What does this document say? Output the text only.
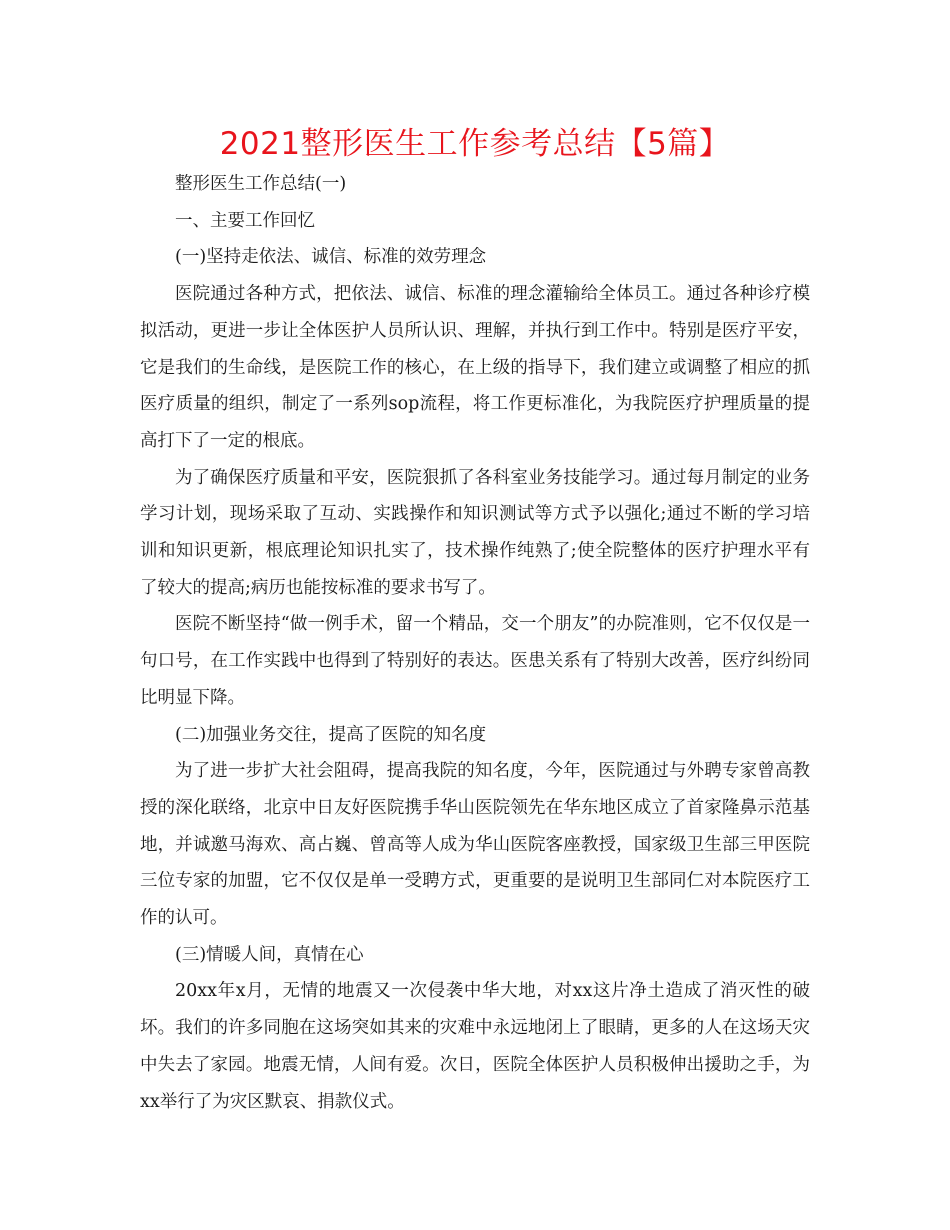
2021整形医生工作参考总结【5篇】

整形医生工作总结(一)

一、主要工作回忆

(一)坚持走依法、诚信、标准的效劳理念

医院通过各种方式，把依法、诚信、标准的理念灌输给全体员工。通过各种诊疗模拟活动，更进一步让全体医护人员所认识、理解，并执行到工作中。特别是医疗平安，它是我们的生命线，是医院工作的核心，在上级的指导下，我们建立或调整了相应的抓医疗质量的组织，制定了一系列sop流程，将工作更标准化，为我院医疗护理质量的提高打下了一定的根底。

为了确保医疗质量和平安，医院狠抓了各科室业务技能学习。通过每月制定的业务学习计划，现场采取了互动、实践操作和知识测试等方式予以强化;通过不断的学习培训和知识更新，根底理论知识扎实了，技术操作纯熟了;使全院整体的医疗护理水平有了较大的提高;病历也能按标准的要求书写了。

医院不断坚持“做一例手术，留一个精品，交一个朋友”的办院准则，它不仅仅是一句口号，在工作实践中也得到了特别好的表达。医患关系有了特别大改善，医疗纠纷同比明显下降。

(二)加强业务交往，提高了医院的知名度

为了进一步扩大社会阻碍，提高我院的知名度，今年，医院通过与外聘专家曾高教授的深化联络，北京中日友好医院携手华山医院领先在华东地区成立了首家隆鼻示范基地，并诚邀马海欢、高占巍、曾高等人成为华山医院客座教授，国家级卫生部三甲医院三位专家的加盟，它不仅仅是单一受聘方式，更重要的是说明卫生部同仁对本院医疗工作的认可。

(三)情暖人间，真情在心

20xx年x月，无情的地震又一次侵袭中华大地，对xx这片净土造成了消灭性的破坏。我们的许多同胞在这场突如其来的灾难中永远地闭上了眼睛，更多的人在这场天灾中失去了家园。地震无情，人间有爱。次日，医院全体医护人员积极伸出援助之手，为xx举行了为灾区默哀、捐款仪式。
